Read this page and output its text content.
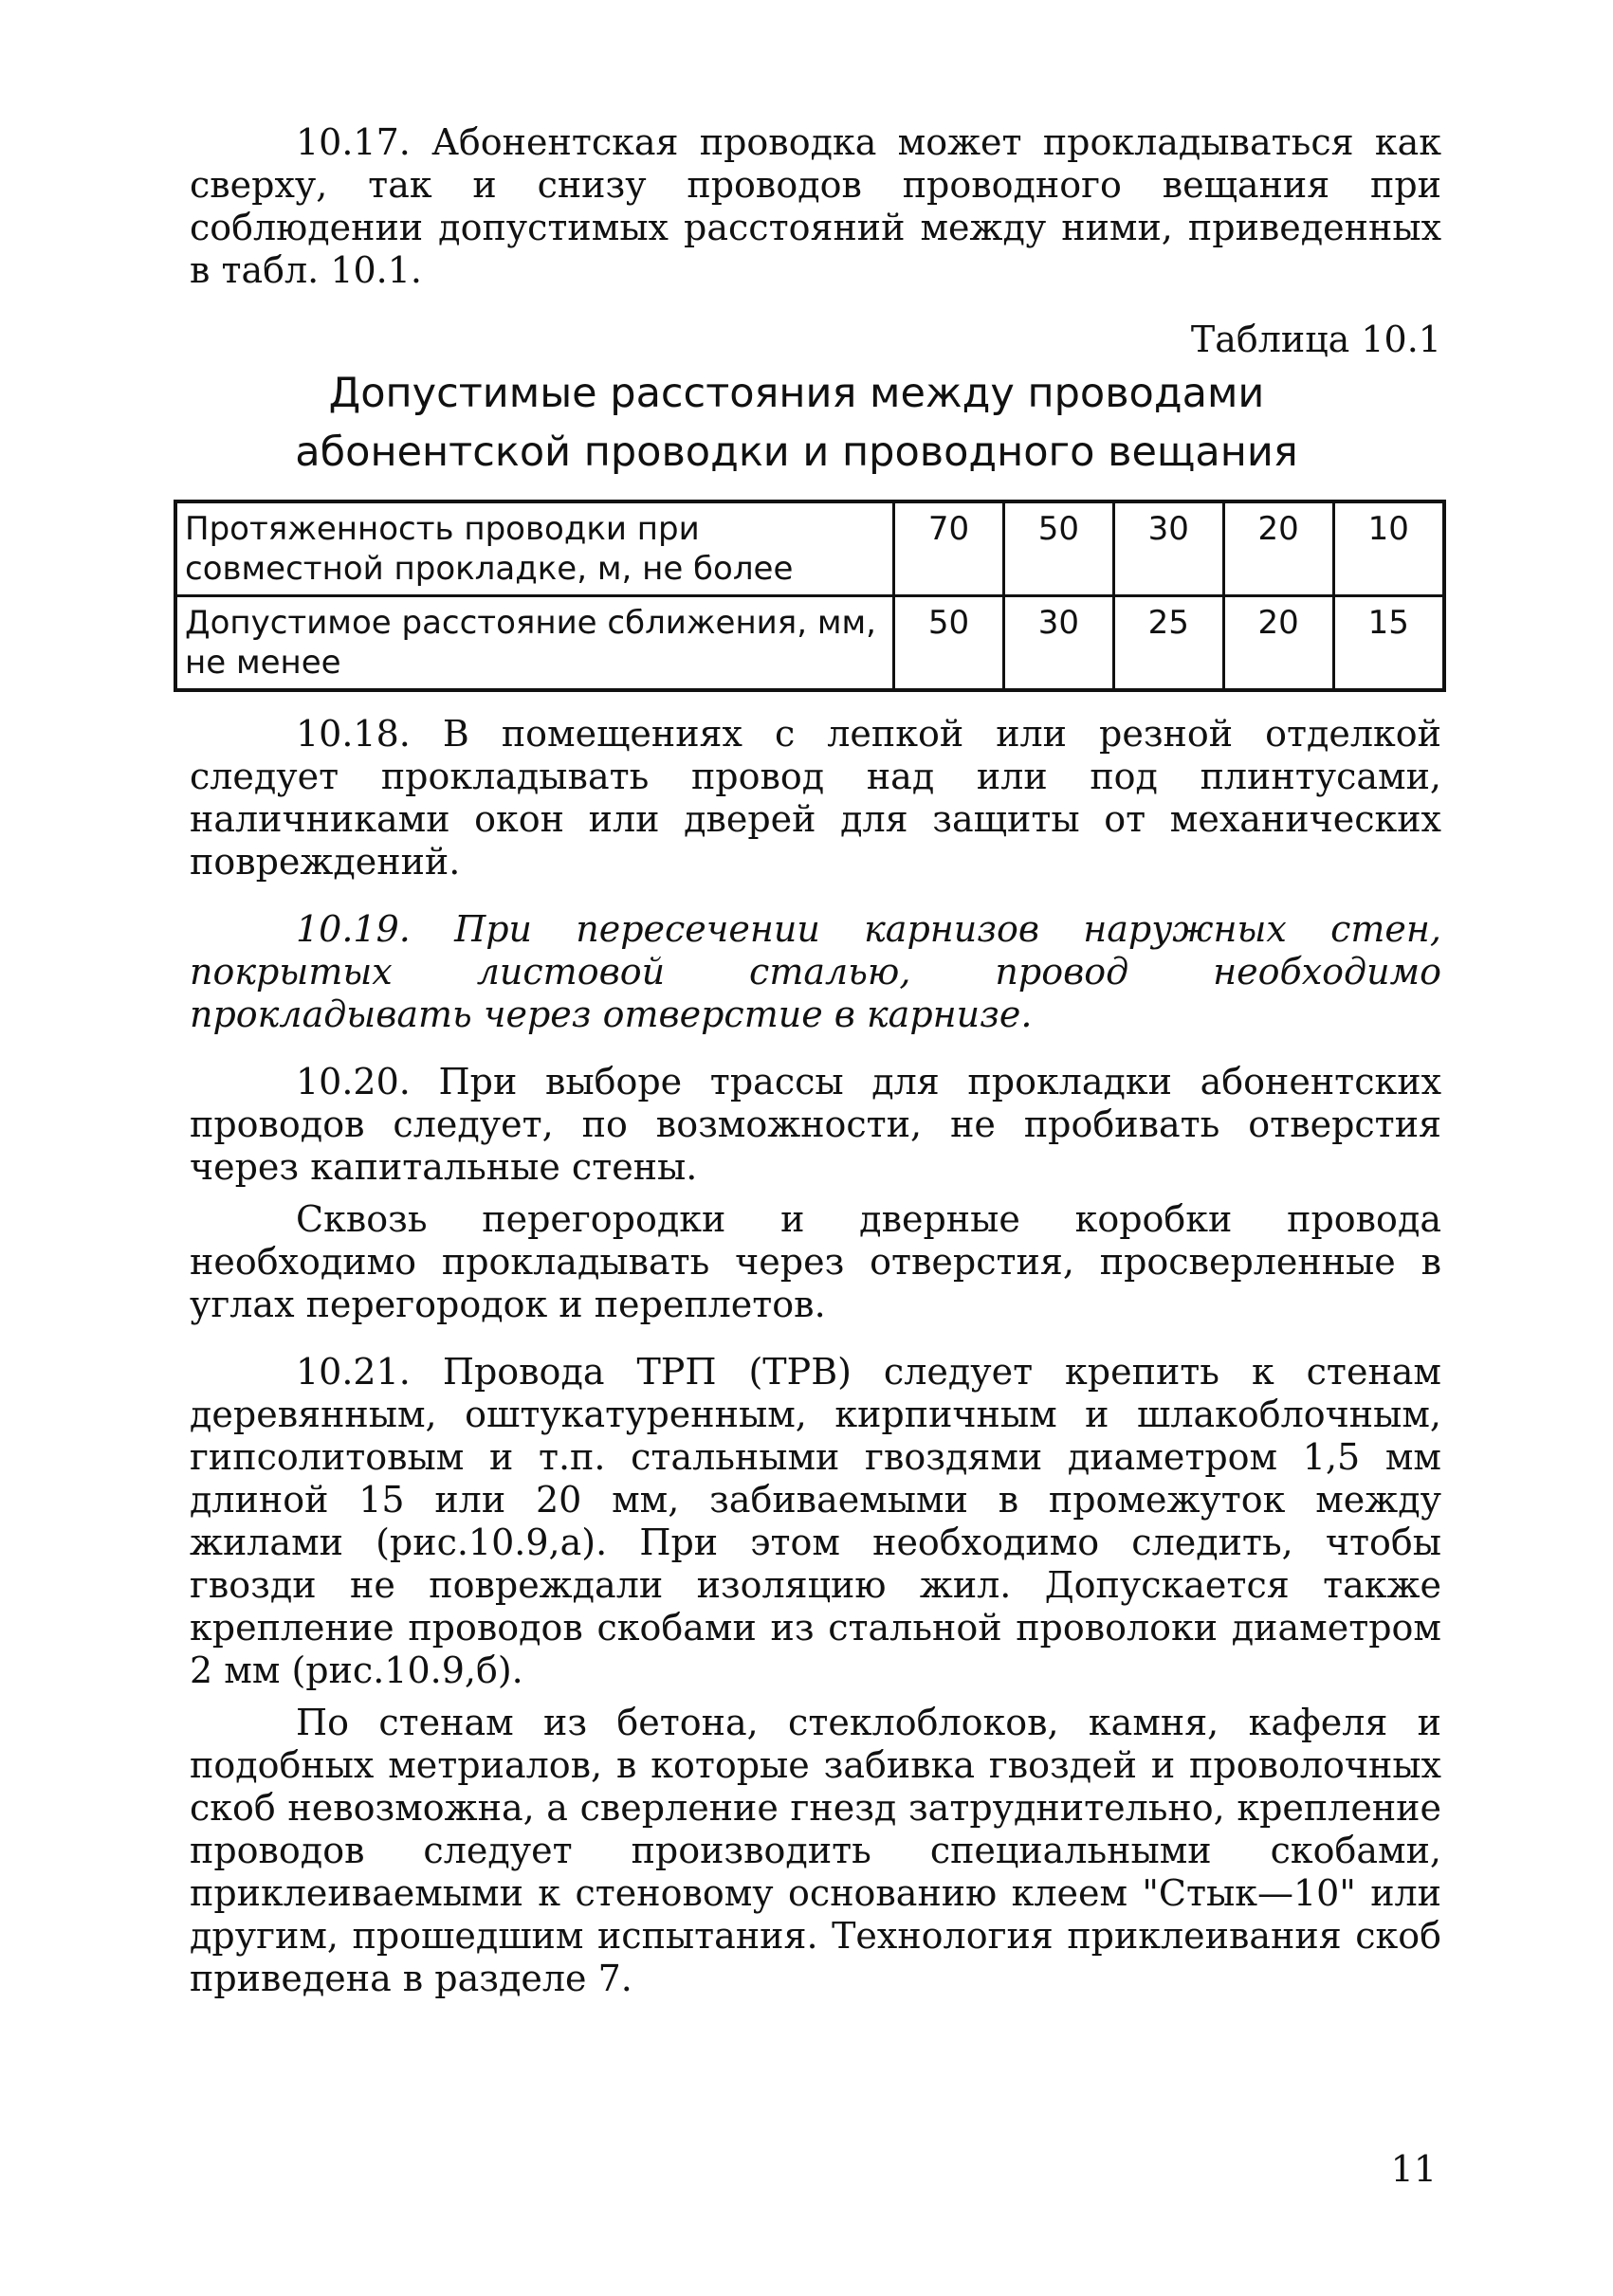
10.17. Абонентская проводка может прокладываться как сверху, так и снизу проводов проводного вещания при соблюдении допустимых расстояний между ними, приведенных в табл. 10.1.

Таблица 10.1
Допустимые расстояния между проводами
абонентской проводки и проводного вещания
Протяженность проводки при совместной прокладке, м, не более	70	50	30	20	10
Допустимое расстояние сближения, мм, не менее	50	30	25	20	15

10.18. В помещениях с лепкой или резной отделкой следует прокладывать провод над или под плинтусами, наличниками окон или дверей для защиты от механических повреждений.

10.19. При пересечении карнизов наружных стен, покрытых листовой сталью, провод необходимо прокладывать через отверстие в карнизе.

10.20. При выборе трассы для прокладки абонентских проводов следует, по возможности, не пробивать отверстия через капитальные стены.

Сквозь перегородки и дверные коробки провода необходимо прокладывать через отверстия, просверленные в углах перегородок и переплетов.

10.21. Провода ТРП (ТРВ) следует крепить к стенам деревянным, оштукатуренным, кирпичным и шлакоблочным, гипсолитовым и т.п. стальными гвоздями диаметром 1,5 мм длиной 15 или 20 мм, забиваемыми в промежуток между жилами (рис.10.9,а). При этом необходимо следить, чтобы гвозди не повреждали изоляцию жил. Допускается также крепление проводов скобами из стальной проволоки диаметром 2 мм (рис.10.9,б).

По стенам из бетона, стеклоблоков, камня, кафеля и подобных метриалов, в которые забивка гвоздей и проволочных скоб невозможна, а сверление гнезд затруднительно, крепление проводов следует производить специальными скобами, приклеиваемыми к стеновому основанию клеем "Стык—10" или другим, прошедшим испытания. Технология приклеивания скоб приведена в разделе 7.

11
